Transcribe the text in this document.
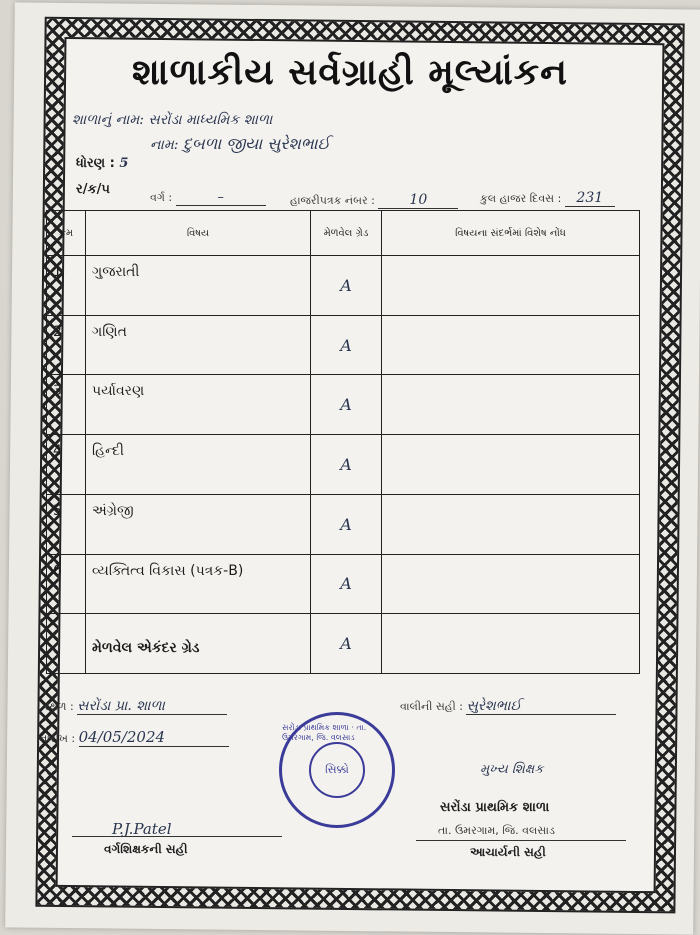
શાળાકીય સર્વગ્રાહી મૂલ્યાંકન
શાળાનું નામ: સરોંડા માધ્યમિક શાળા
નામ: દુબળા જીયા સુરેશભાઈ
ધોરણ : 5
ર/ક/૫
વર્ગ :	–	હાજરીપત્રક નંબર : 10	કુલ હાજર દિવસ : 231
ક્રમ	વિષય	મેળવેલ ગ્રેડ	વિષયના સંદર્ભમાં વિશેષ નોંધ
1	ગુજરાતી	A	
2	ગણિત	A	
3	પર્યાવરણ	A	
4	હિન્દી	A	
5	અંગ્રેજી	A	
6	વ્યક્તિત્વ વિકાસ (પત્રક-B)	A	
	મેળવેલ એકંદર ગ્રેડ	A	
સ્થળ : સરોંડા પ્રા. શાળા
તારીખ : 04/05/2024
વાલીની સહી : સુરેશભાઈ
સરોંડા પ્રાથમિક શાળા · તા. ઉમરગામ, જિ. વલસાડ
સિક્કો
P.J.Patel
વર્ગશિક્ષકની સહી
મુખ્ય શિક્ષક
સરોંડા પ્રાથમિક શાળા
તા. ઉમરગામ, જિ. વલસાડ
આચાર્યની સહી
